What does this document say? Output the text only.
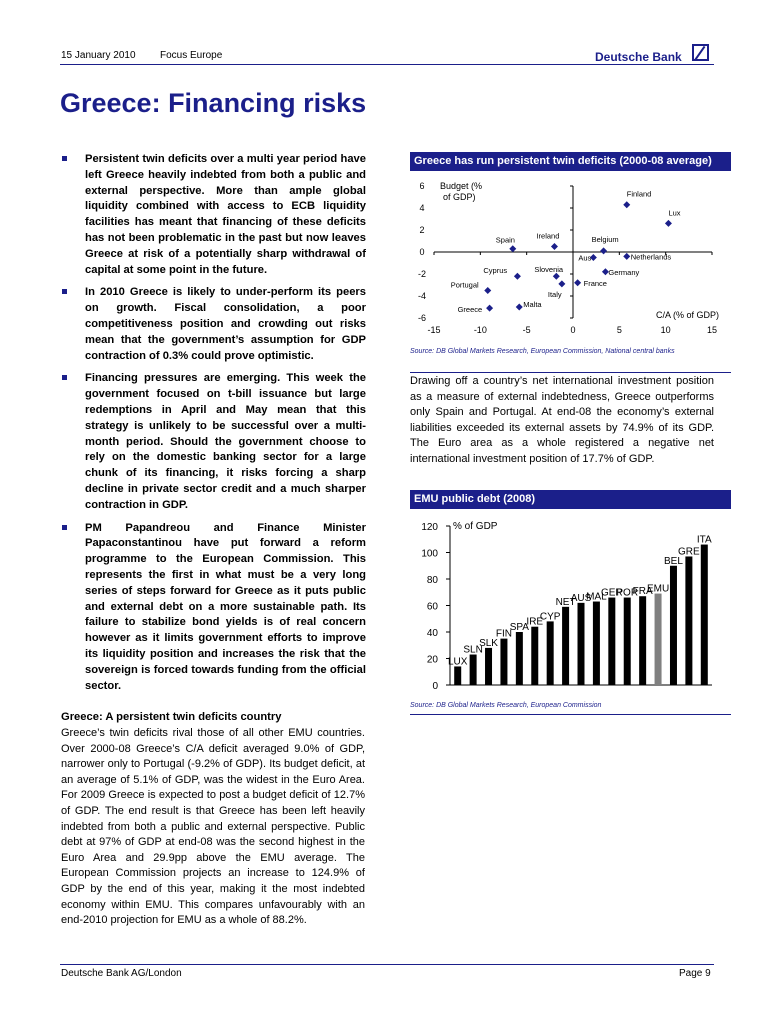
15 January 2010 Focus Europe	Deutsche Bank
Greece: Financing risks
Persistent twin deficits over a multi year period have left Greece heavily indebted from both a public and external perspective. More than ample global liquidity combined with access to ECB liquidity facilities has meant that financing of these deficits has not been problematic in the past but now leaves Greece at risk of a potentially sharp withdrawal of capital at some point in the future.
In 2010 Greece is likely to under-perform its peers on growth. Fiscal consolidation, a poor competitiveness position and crowding out risks mean that the government’s assumption for GDP contraction of 0.3% could prove optimistic.
Financing pressures are emerging. This week the government focused on t-bill issuance but large redemptions in April and May mean that this strategy is unlikely to be successful over a multi-month period. Should the government choose to rely on the domestic banking sector for a large chunk of its financing, it risks forcing a sharp decline in private sector credit and a much sharper contraction in GDP.
PM Papandreou and Finance Minister Papaconstantinou have put forward a reform programme to the European Commission. This represents the first in what must be a very long series of steps forward for Greece as it puts public and external debt on a more sustainable path. Its failure to stabilize bond yields is of real concern however as it limits government efforts to improve its liquidity position and increases the risk that the sovereign is forced towards funding from the official sector.
Greece: A persistent twin deficits country

Greece’s twin deficits rival those of all other EMU countries. Over 2000-08 Greece’s C/A deficit averaged 9.0% of GDP, narrower only to Portugal (-9.2% of GDP). Its budget deficit, at an average of 5.1% of GDP, was the widest in the Euro Area. For 2009 Greece is expected to post a budget deficit of 12.7% of GDP. The end result is that Greece has been left heavily indebted from both a public and external perspective. Public debt at 97% of GDP at end-08 was the second highest in the Euro Area and 29.9pp above the EMU average. The European Commission projects an increase to 124.9% of GDP by the end of this year, making it the most indebted economy within EMU. This compares unfavourably with an end-2010 projection for EMU as a whole of 88.2%.

Greece has run persistent twin deficits (2000-08 average)
-6
-4
-2
0
2
4
6
-15	-10	-5	0	5	10	15
Budget (%
of GDP)
C/A (% of GDP)
Finland
Lux
Ireland
Spain	Belgium
Aus	Netherlands
Germany
Slovenia
Cyprus
Italy
France
Portugal
Greece
Malta
Source: DB Global Markets Research, European Commission, National central banks

Drawing off a country’s net international investment position as a measure of external indebtedness, Greece outperforms only Spain and Portugal. At end-08 the economy’s external liabilities exceeded its external assets by 74.9% of its GDP. The Euro area as a whole registered a negative net international investment position of 17.7% of GDP.

EMU public debt (2008)
0
20
40
60
80
100
120 % of GDP
LUX
SLN
SLK
FIN
SPA
IRE
CYP
NET
AUS
MAL
GER
POR
FRA
EMU
BEL
GRE
ITA
Source: DB Global Markets Research, European Commission
Deutsche Bank AG/London	Page 9
